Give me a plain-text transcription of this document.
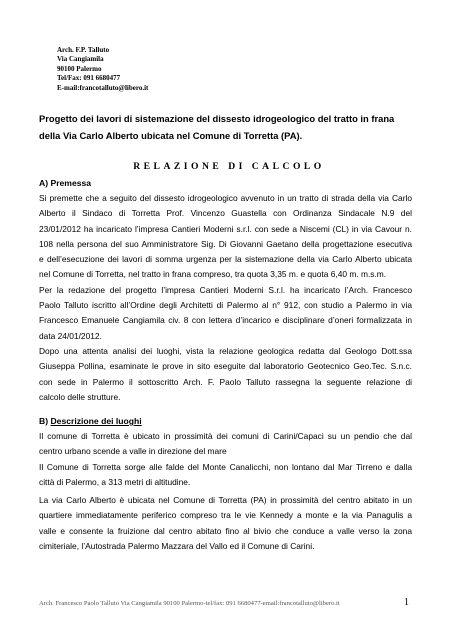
Arch. F.P. Talluto
Via Cangiamila
90100 Palermo
Tel/Fax: 091 6680477
E-mail:francotalluto@libero.it
Progetto dei lavori di sistemazione del dissesto idrogeologico del tratto in frana
della Via Carlo Alberto ubicata nel Comune di Torretta (PA).
RELAZIONE DI CALCOLO
A) Premessa
Si premette che a seguito del dissesto idrogeologico avvenuto in un tratto di strada della via Carlo
Alberto il Sindaco di Torretta Prof. Vincenzo Guastella con Ordinanza Sindacale N.9 del
23/01/2012 ha incaricato l’impresa Cantieri Moderni s.r.l. con sede a Niscemi (CL) in via Cavour n.
108 nella persona del suo Amministratore Sig. Di Giovanni Gaetano della progettazione esecutiva
e dell’esecuzione dei lavori di somma urgenza per la sistemazione della via Carlo Alberto ubicata
nel Comune di Torretta, nel tratto in frana compreso, tra quota 3,35 m. e quota 6,40 m. m.s.m.
Per la redazione del progetto l’impresa Cantieri Moderni S.r.l. ha incaricato l’Arch. Francesco
Paolo Talluto iscritto all’Ordine degli Architetti di Palermo al n° 912, con studio a Palermo in via
Francesco Emanuele Cangiamila civ. 8 con lettera d’incarico e disciplinare d’oneri formalizzata in
data 24/01/2012.
Dopo una attenta analisi dei luoghi, vista la relazione geologica redatta dal Geologo Dott.ssa
Giuseppa Pollina, esaminate le prove in sito eseguite dal laboratorio Geotecnico Geo.Tec. S.n.c.
con sede in Palermo il sottoscritto Arch. F. Paolo Talluto rassegna la seguente relazione di
calcolo delle strutture.
B) Descrizione dei luoghi
Il comune di Torretta è ubicato in prossimità dei comuni di Carini/Capaci su un pendio che dal
centro urbano scende a valle in direzione del mare
Il Comune di Torretta sorge alle falde del Monte Canalicchi, non lontano dal Mar Tirreno e dalla
città di Palermo, a 313 metri di altitudine.
La via Carlo Alberto è ubicata nel Comune di Torretta (PA) in prossimità del centro abitato in un
quartiere immediatamente periferico compreso tra le vie Kennedy a monte e la via Panagulis a
valle e consente la fruizione dal centro abitato fino al bivio che conduce a valle verso la zona
cimiteriale, l’Autostrada Palermo Mazzara del Vallo ed il Comune di Carini.
Arch. Francesco Paolo Talluto Via Cangiamila 90100 Palermo-tel/fax: 091 6680477-email:francotalluto@libero.it	1
